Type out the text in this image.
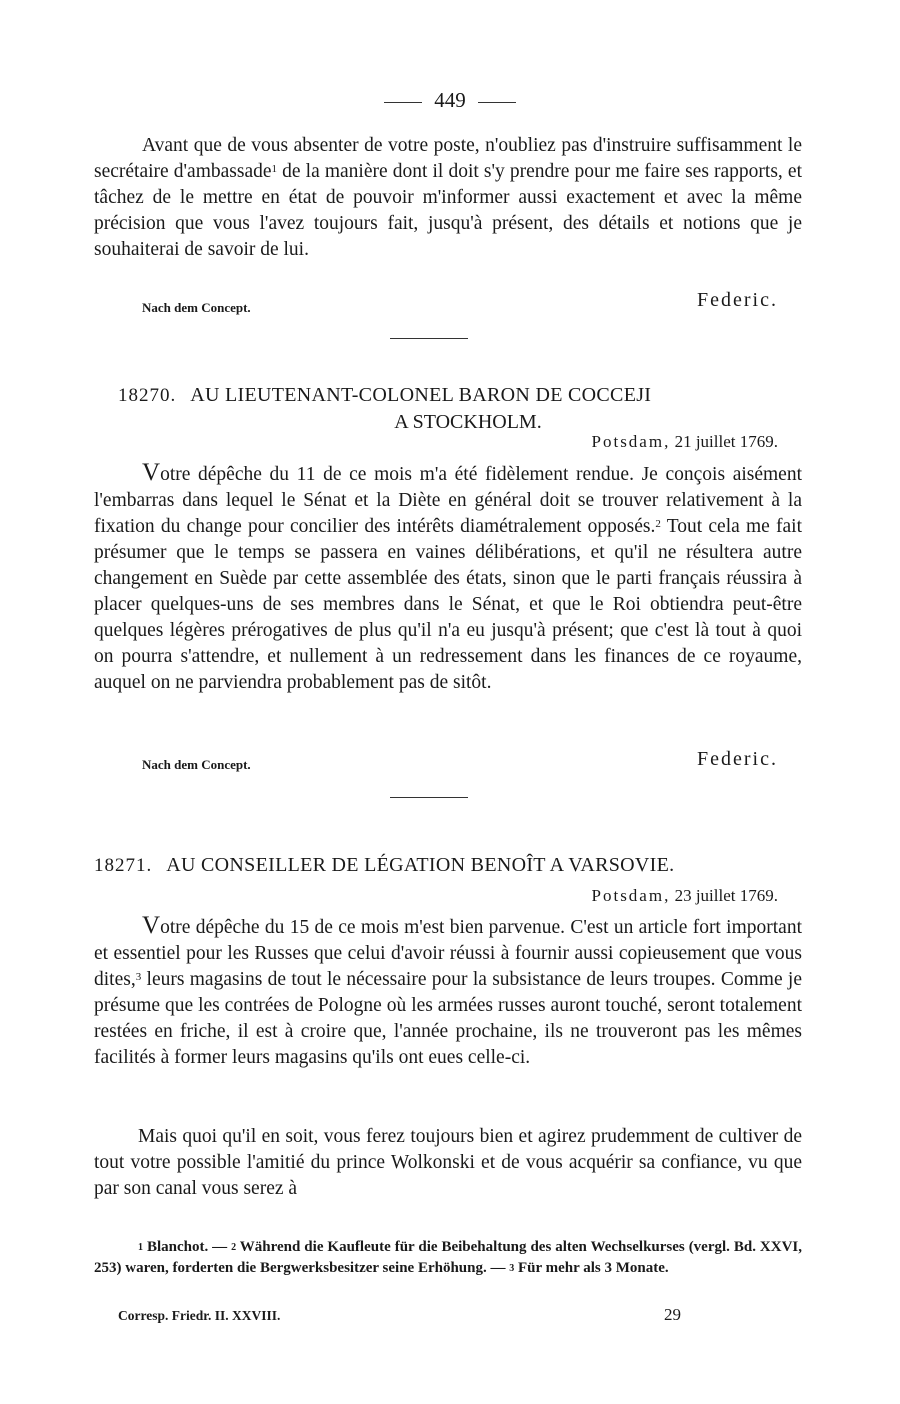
449

Avant que de vous absenter de votre poste, n'oubliez pas d'instruire suffisamment le secrétaire d'ambassade$^1$ de la manière dont il doit s'y prendre pour me faire ses rapports, et tâchez de le mettre en état de pouvoir m'informer aussi exactement et avec la même précision que vous l'avez toujours fait, jusqu'à présent, des détails et notions que je souhaiterai de savoir de lui.

Nach dem Concept.	Federic.
18270. AU LIEUTENANT-COLONEL BARON DE COCCEJI
A STOCKHOLM.
Potsdam, 21 juillet 1769.

Votre dépêche du 11 de ce mois m'a été fidèlement rendue. Je conçois aisément l'embarras dans lequel le Sénat et la Diète en général doit se trouver relativement à la fixation du change pour concilier des intérêts diamétralement opposés.$^2$ Tout cela me fait présumer que le temps se passera en vaines délibérations, et qu'il ne résultera autre changement en Suède par cette assemblée des états, sinon que le parti français réussira à placer quelques-uns de ses membres dans le Sénat, et que le Roi obtiendra peut-être quelques légères prérogatives de plus qu'il n'a eu jusqu'à présent; que c'est là tout à quoi on pourra s'attendre, et nullement à un redressement dans les finances de ce royaume, auquel on ne parviendra probablement pas de sitôt.

Nach dem Concept.	Federic.
18271. AU CONSEILLER DE LÉGATION BENOÎT A VARSOVIE.
Potsdam, 23 juillet 1769.

Votre dépêche du 15 de ce mois m'est bien parvenue. C'est un article fort important et essentiel pour les Russes que celui d'avoir réussi à fournir aussi copieusement que vous dites,$^3$ leurs magasins de tout le nécessaire pour la subsistance de leurs troupes. Comme je présume que les contrées de Pologne où les armées russes auront touché, seront totalement restées en friche, il est à croire que, l'année prochaine, ils ne trouveront pas les mêmes facilités à former leurs magasins qu'ils ont eues celle-ci.

Mais quoi qu'il en soit, vous ferez toujours bien et agirez prudemment de cultiver de tout votre possible l'amitié du prince Wolkonski et de vous acquérir sa confiance, vu que par son canal vous serez à

$^1$ Blanchot. — $^2$ Während die Kaufleute für die Beibehaltung des alten Wechselkurses (vergl. Bd. XXVI, 253) waren, forderten die Bergwerksbesitzer seine Erhöhung. — $^3$ Für mehr als 3 Monate.

Corresp. Friedr. II. XXVIII.	29
